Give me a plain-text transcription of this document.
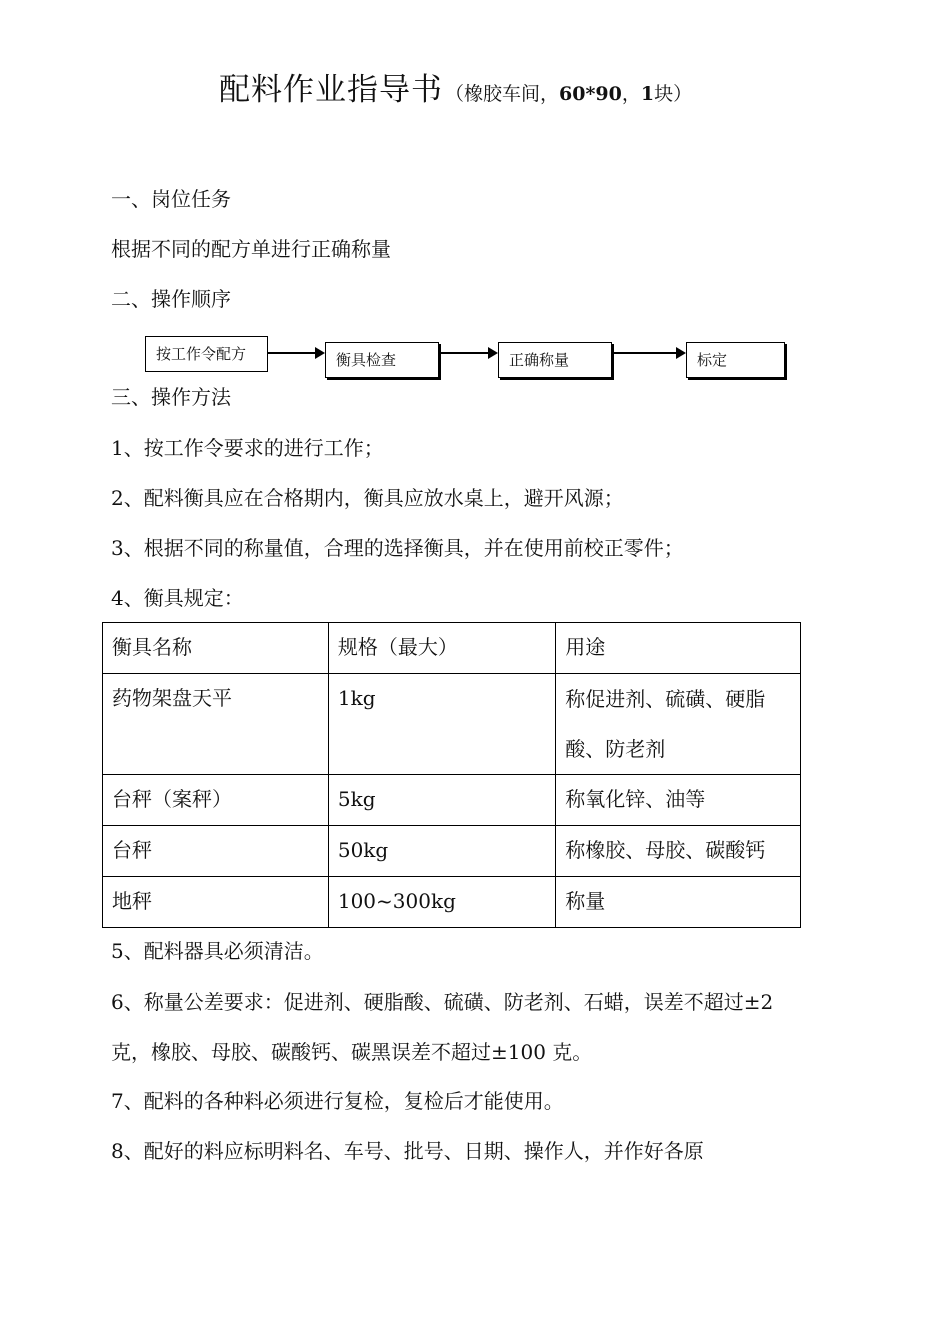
配料作业指导书 （橡胶车间，60*90，1块）
一、岗位任务
根据不同的配方单进行正确称量
二、操作顺序
按工作令配方	衡具检查	正确称量	标定
三、操作方法
1、按工作令要求的进行工作；
2、配料衡具应在合格期内，衡具应放水桌上，避开风源；
3、根据不同的称量值，合理的选择衡具，并在使用前校正零件；
4、衡具规定：
衡具名称	规格（最大）	用途
药物架盘天平	1kg	称促进剂、硫磺、硬脂酸、防老剂
台秤（案秤）	5kg	称氧化锌、油等
台秤	50kg	称橡胶、母胶、碳酸钙
地秤	100~300kg	称量
5、配料器具必须清洁。
6、称量公差要求：促进剂、硬脂酸、硫磺、防老剂、石蜡，误差不超过±2
克，橡胶、母胶、碳酸钙、碳黑误差不超过±100 克。
7、配料的各种料必须进行复检，复检后才能使用。
8、配好的料应标明料名、车号、批号、日期、操作人，并作好各原
